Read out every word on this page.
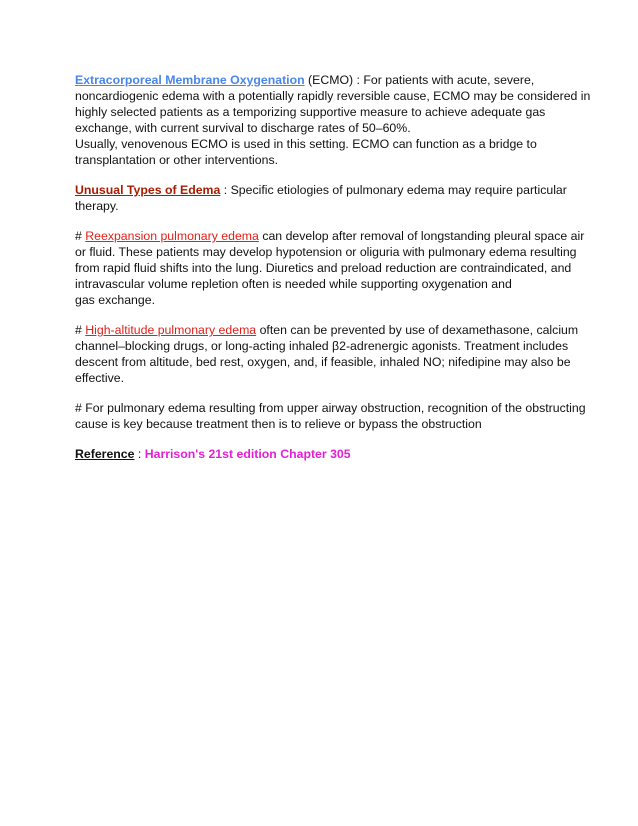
Extracorporeal Membrane Oxygenation (ECMO) : For patients with acute, severe,
noncardiogenic edema with a potentially rapidly reversible cause, ECMO may be considered in
highly selected patients as a temporizing supportive measure to achieve adequate gas
exchange, with current survival to discharge rates of 50–60%.
Usually, venovenous ECMO is used in this setting. ECMO can function as a bridge to
transplantation or other interventions.

Unusual Types of Edema : Specific etiologies of pulmonary edema may require particular
therapy.

# Reexpansion pulmonary edema can develop after removal of longstanding pleural space air
or fluid. These patients may develop hypotension or oliguria with pulmonary edema resulting
from rapid fluid shifts into the lung. Diuretics and preload reduction are contraindicated, and
intravascular volume repletion often is needed while supporting oxygenation and
gas exchange.

# High-altitude pulmonary edema often can be prevented by use of dexamethasone, calcium
channel–blocking drugs, or long-acting inhaled β2-adrenergic agonists. Treatment includes
descent from altitude, bed rest, oxygen, and, if feasible, inhaled NO; nifedipine may also be
effective.

# For pulmonary edema resulting from upper airway obstruction, recognition of the obstructing
cause is key because treatment then is to relieve or bypass the obstruction

Reference : Harrison's 21st edition Chapter 305
